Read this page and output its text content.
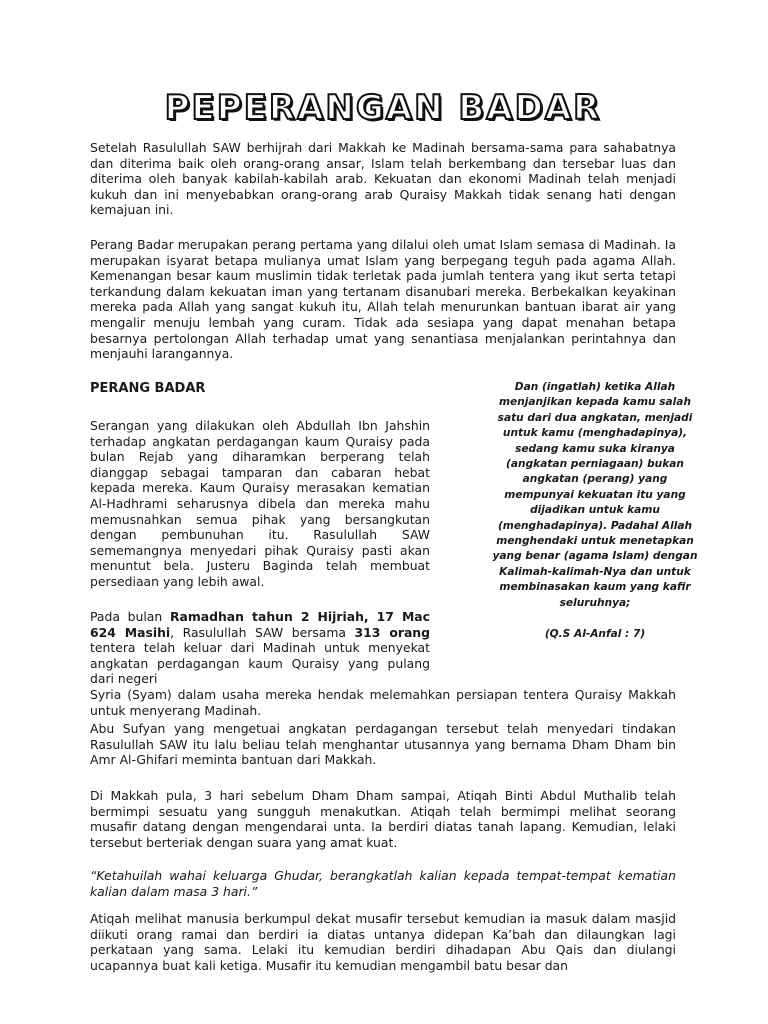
PEPERANGAN BADAR

Setelah Rasulullah SAW berhijrah dari Makkah ke Madinah bersama-sama para sahabatnya dan diterima baik oleh orang-orang ansar, Islam telah berkembang dan tersebar luas dan diterima oleh banyak kabilah-kabilah arab. Kekuatan dan ekonomi Madinah telah menjadi kukuh dan ini menyebabkan orang-orang arab Quraisy Makkah tidak senang hati dengan kemajuan ini.

Perang Badar merupakan perang pertama yang dilalui oleh umat Islam semasa di Madinah. Ia merupakan isyarat betapa mulianya umat Islam yang berpegang teguh pada agama Allah. Kemenangan besar kaum muslimin tidak terletak pada jumlah tentera yang ikut serta tetapi terkandung dalam kekuatan iman yang tertanam disanubari mereka. Berbekalkan keyakinan mereka pada Allah yang sangat kukuh itu, Allah telah menurunkan bantuan ibarat air yang mengalir menuju lembah yang curam. Tidak ada sesiapa yang dapat menahan betapa besarnya pertolongan Allah terhadap umat yang senantiasa menjalankan perintahnya dan menjauhi larangannya.

PERANG BADAR

Serangan yang dilakukan oleh Abdullah Ibn Jahshin terhadap angkatan perdagangan kaum Quraisy pada bulan Rejab yang diharamkan berperang telah dianggap sebagai tamparan dan cabaran hebat kepada mereka. Kaum Quraisy merasakan kematian Al-Hadhrami seharusnya dibela dan mereka mahu memusnahkan semua pihak yang bersangkutan dengan pembunuhan itu. Rasulullah SAW sememangnya menyedari pihak Quraisy pasti akan menuntut bela. Justeru Baginda telah membuat persediaan yang lebih awal.

Pada bulan Ramadhan tahun 2 Hijriah, 17 Mac 624 Masihi, Rasulullah SAW bersama 313 orang tentera telah keluar dari Madinah untuk menyekat angkatan perdagangan kaum Quraisy yang pulang dari negeri
Syria (Syam) dalam usaha mereka hendak melemahkan persiapan tentera Quraisy Makkah untuk menyerang Madinah.

Abu Sufyan yang mengetuai angkatan perdagangan tersebut telah menyedari tindakan Rasulullah SAW itu lalu beliau telah menghantar utusannya yang bernama Dham Dham bin Amr Al-Ghifari meminta bantuan dari Makkah.

Di Makkah pula, 3 hari sebelum Dham Dham sampai, Atiqah Binti Abdul Muthalib telah bermimpi sesuatu yang sungguh menakutkan. Atiqah telah bermimpi melihat seorang musafir datang dengan mengendarai unta. Ia berdiri diatas tanah lapang. Kemudian, lelaki tersebut berteriak dengan suara yang amat kuat.

“Ketahuilah wahai keluarga Ghudar, berangkatlah kalian kepada tempat-tempat kematian kalian dalam masa 3 hari.”

Atiqah melihat manusia berkumpul dekat musafir tersebut kemudian ia masuk dalam masjid diikuti orang ramai dan berdiri ia diatas untanya didepan Ka’bah dan dilaungkan lagi perkataan yang sama. Lelaki itu kemudian berdiri dihadapan Abu Qais dan diulangi ucapannya buat kali ketiga. Musafir itu kemudian mengambil batu besar dan

Dan (ingatlah) ketika Allah menjanjikan kepada kamu salah satu dari dua angkatan, menjadi untuk kamu (menghadapinya), sedang kamu suka kiranya (angkatan perniagaan) bukan angkatan (perang) yang mempunyai kekuatan itu yang dijadikan untuk kamu (menghadapinya). Padahal Allah menghendaki untuk menetapkan yang benar (agama Islam) dengan Kalimah-kalimah-Nya dan untuk membinasakan kaum yang kafir seluruhnya;
(Q.S Al-Anfal : 7)
